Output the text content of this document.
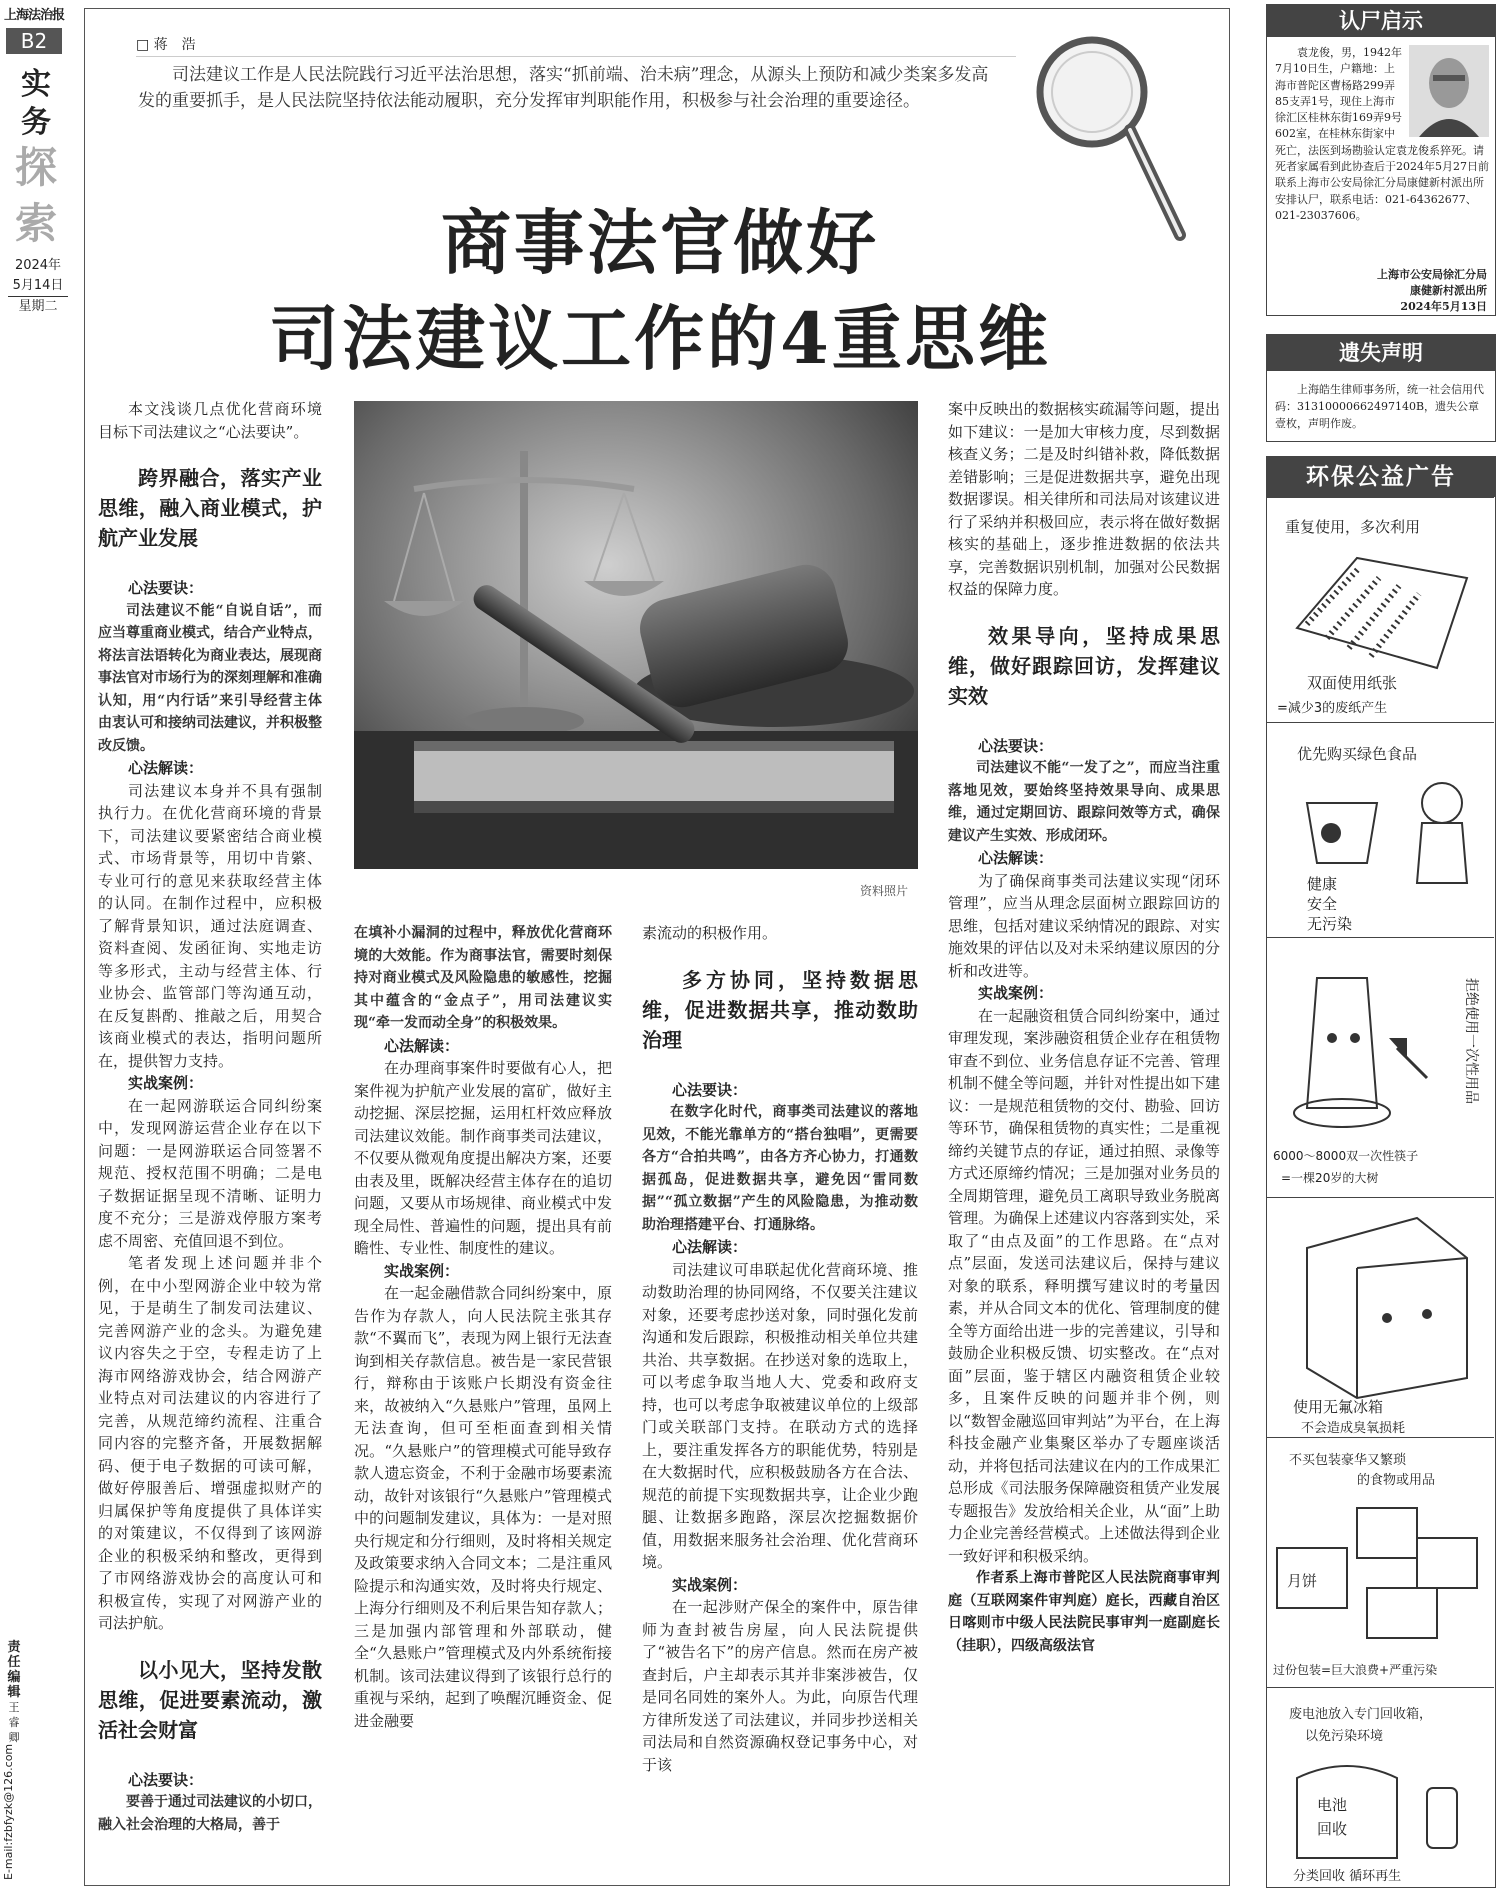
上海法治报
B2
实务
探索
2024年
5月14日
星期二
责任编辑
王睿卿
E-mail:fzbfyzk@126.com
□ 蒋　浩
司法建议工作是人民法院践行习近平法治思想，落实“抓前端、治未病”理念，从源头上预防和减少类案多发高发的重要抓手，是人民法院坚持依法能动履职，充分发挥审判职能作用，积极参与社会治理的重要途径。
商事法官做好
司法建议工作的4重思维

本文浅谈几点优化营商环境目标下司法建议之“心法要诀”。

跨界融合，落实产业思维，融入商业模式，护航产业发展
心法要诀：

司法建议不能“自说自话”，而应当尊重商业模式，结合产业特点，将法言法语转化为商业表达，展现商事法官对市场行为的深刻理解和准确认知，用“内行话”来引导经营主体由衷认可和接纳司法建议，并积极整改反馈。

心法解读：

司法建议本身并不具有强制执行力。在优化营商环境的背景下，司法建议要紧密结合商业模式、市场背景等，用切中肯綮、专业可行的意见来获取经营主体的认同。在制作过程中，应积极了解背景知识，通过法庭调查、资料查阅、发函征询、实地走访等多形式，主动与经营主体、行业协会、监管部门等沟通互动，在反复斟酌、推敲之后，用契合该商业模式的表达，指明问题所在，提供智力支持。

实战案例：

在一起网游联运合同纠纷案中，发现网游运营企业存在以下问题：一是网游联运合同签署不规范、授权范围不明确；二是电子数据证据呈现不清晰、证明力度不充分；三是游戏停服方案考虑不周密、充值回退不到位。

笔者发现上述问题并非个例，在中小型网游企业中较为常见，于是萌生了制发司法建议、完善网游产业的念头。为避免建议内容失之于空，专程走访了上海市网络游戏协会，结合网游产业特点对司法建议的内容进行了完善，从规范缔约流程、注重合同内容的完整齐备，开展数据解码、便于电子数据的可读可解，做好停服善后、增强虚拟财产的归属保护等角度提供了具体详实的对策建议，不仅得到了该网游企业的积极采纳和整改，更得到了市网络游戏协会的高度认可和积极宣传，实现了对网游产业的司法护航。

以小见大，坚持发散思维，促进要素流动，激活社会财富
心法要诀：

要善于通过司法建议的小切口，融入社会治理的大格局，善于

资料照片

在填补小漏洞的过程中，释放优化营商环境的大效能。作为商事法官，需要时刻保持对商业模式及风险隐患的敏感性，挖掘其中蕴含的“金点子”，用司法建议实现“牵一发而动全身”的积极效果。

心法解读：

在办理商事案件时要做有心人，把案件视为护航产业发展的富矿，做好主动挖掘、深层挖掘，运用杠杆效应释放司法建议效能。制作商事类司法建议，不仅要从微观角度提出解决方案，还要由表及里，既解决经营主体存在的追切问题，又要从市场规律、商业模式中发现全局性、普遍性的问题，提出具有前瞻性、专业性、制度性的建议。

实战案例：

在一起金融借款合同纠纷案中，原告作为存款人，向人民法院主张其存款“不翼而飞”，表现为网上银行无法查询到相关存款信息。被告是一家民营银行，辩称由于该账户长期没有资金往来，故被纳入“久悬账户”管理，虽网上无法查询，但可至柜面查到相关情况。“久悬账户”的管理模式可能导致存款人遗忘资金，不利于金融市场要素流动，故针对该银行“久悬账户”管理模式中的问题制发建议，具体为：一是对照央行规定和分行细则，及时将相关规定及政策要求纳入合同文本；二是注重风险提示和沟通实效，及时将央行规定、上海分行细则及不利后果告知存款人；三是加强内部管理和外部联动，健全“久悬账户”管理模式及内外系统衔接机制。该司法建议得到了该银行总行的重视与采纳，起到了唤醒沉睡资金、促进金融要

素流动的积极作用。

多方协同，坚持数据思维，促进数据共享，推动数助治理
心法要诀：

在数字化时代，商事类司法建议的落地见效，不能光靠单方的“搭台独唱”，更需要各方“合拍共鸣”，由各方齐心协力，打通数据孤岛，促进数据共享，避免因“雷同数据”“孤立数据”产生的风险隐患，为推动数助治理搭建平台、打通脉络。

心法解读：

司法建议可串联起优化营商环境、推动数助治理的协同网络，不仅要关注建议对象，还要考虑抄送对象，同时强化发前沟通和发后跟踪，积极推动相关单位共建共治、共享数据。在抄送对象的选取上，可以考虑争取当地人大、党委和政府支持，也可以考虑争取被建议单位的上级部门或关联部门支持。在联动方式的选择上，要注重发挥各方的职能优势，特别是在大数据时代，应积极鼓励各方在合法、规范的前提下实现数据共享，让企业少跑腿、让数据多跑路，深层次挖掘数据价值，用数据来服务社会治理、优化营商环境。

实战案例：

在一起涉财产保全的案件中，原告律师为查封被告房屋，向人民法院提供了“被告名下”的房产信息。然而在房产被查封后，户主却表示其并非案涉被告，仅是同名同姓的案外人。为此，向原告代理方律所发送了司法建议，并同步抄送相关司法局和自然资源确权登记事务中心，对于该

案中反映出的数据核实疏漏等问题，提出如下建议：一是加大审核力度，尽到数据核查义务；二是及时纠错补救，降低数据差错影响；三是促进数据共享，避免出现数据谬误。相关律所和司法局对该建议进行了采纳并积极回应，表示将在做好数据核实的基础上，逐步推进数据的依法共享，完善数据识别机制，加强对公民数据权益的保障力度。

效果导向，坚持成果思维，做好跟踪回访，发挥建议实效
心法要诀：

司法建议不能“一发了之”，而应当注重落地见效，要始终坚持效果导向、成果思维，通过定期回访、跟踪问效等方式，确保建议产生实效、形成闭环。

心法解读：

为了确保商事类司法建议实现“闭环管理”，应当从理念层面树立跟踪回访的思维，包括对建议采纳情况的跟踪、对实施效果的评估以及对未采纳建议原因的分析和改进等。

实战案例：

在一起融资租赁合同纠纷案中，通过审理发现，案涉融资租赁企业存在租赁物审查不到位、业务信息存证不完善、管理机制不健全等问题，并针对性提出如下建议：一是规范租赁物的交付、勘验、回访等环节，确保租赁物的真实性；二是重视缔约关键节点的存证，通过拍照、录像等方式还原缔约情况；三是加强对业务员的全周期管理，避免员工离职导致业务脱离管理。为确保上述建议内容落到实处，采取了“由点及面”的工作思路。在“点对点”层面，发送司法建议后，保持与建议对象的联系，释明撰写建议时的考量因素，并从合同文本的优化、管理制度的健全等方面给出进一步的完善建议，引导和鼓励企业积极反馈、切实整改。在“点对面”层面，鉴于辖区内融资租赁企业较多，且案件反映的问题并非个例，则以“数智金融巡回审判站”为平台，在上海科技金融产业集聚区举办了专题座谈活动，并将包括司法建议在内的工作成果汇总形成《司法服务保障融资租赁产业发展专题报告》发放给相关企业，从“面”上助力企业完善经营模式。上述做法得到企业一致好评和积极采纳。

作者系上海市普陀区人民法院商事审判庭（互联网案件审判庭）庭长，西藏自治区日喀则市中级人民法院民事审判一庭副庭长（挂职），四级高级法官

认尸启示
袁龙俊，男，1942年7月10日生，户籍地：上海市普陀区曹杨路299弄85支弄1号，现住上海市徐汇区桂林东街169弄9号602室，在桂林东街家中死亡，法医到场勘验认定袁龙俊系猝死。请死者家属看到此协查后于2024年5月27日前联系上海市公安局徐汇分局康健新村派出所安排认尸，联系电话：021-64362677、021-23037606。
上海市公安局徐汇分局
康健新村派出所
2024年5月13日
遗失声明
上海皓生律师事务所，统一社会信用代码：31310000662497140B，遗失公章壹枚，声明作废。
环保公益广告
重复使用，多次利用
双面使用纸张
=减少3的废纸产生
优先购买绿色食品
健康
安全
无污染
拒绝使用一次性用品
6000～8000双一次性筷子
=一棵20岁的大树
使用无氟冰箱
不会造成臭氧损耗
不买包装豪华又繁琐
的食物或用品
月饼
过份包装=巨大浪费+严重污染
废电池放入专门回收箱，
以免污染环境
电池
回收
分类回收 循环再生
